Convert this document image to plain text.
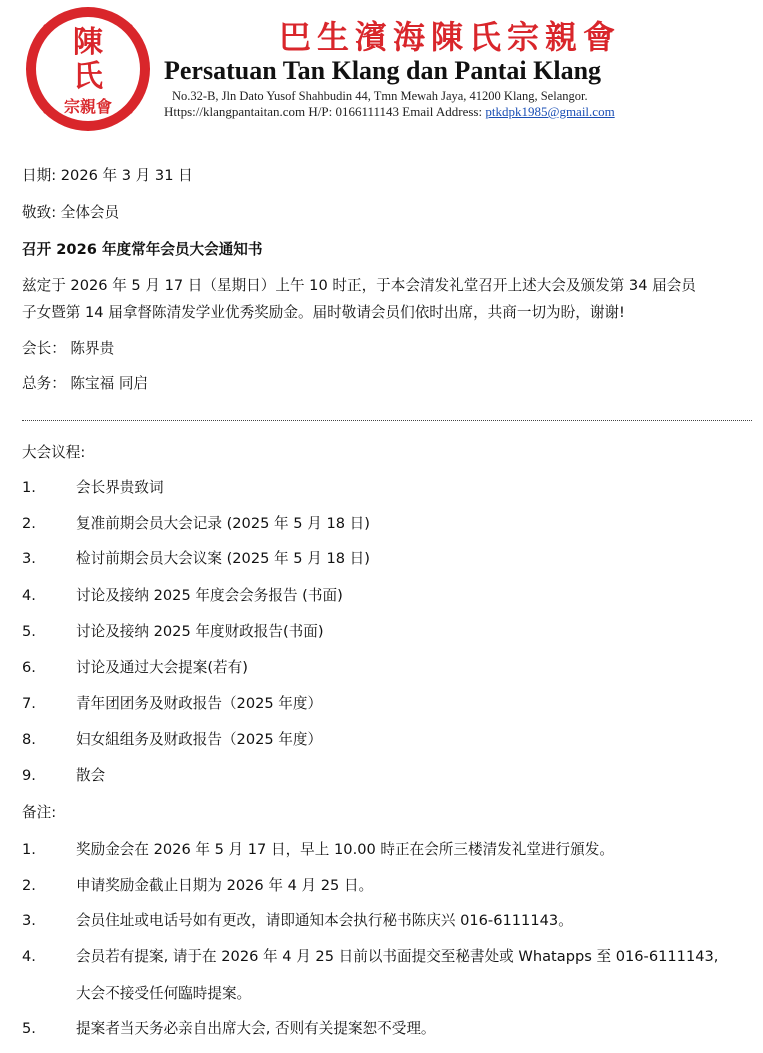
陳
氏
宗親會
巴生濱海陳氏宗親會
Persatuan Tan Klang dan Pantai Klang
No.32-B, Jln Dato Yusof Shahbudin 44, Tmn Mewah Jaya, 41200 Klang, Selangor.
Https://klangpantaitan.com H/P: 0166111143 Email Address: ptkdpk1985@gmail.com
日期: 2026 年 3 月 31 日
敬致: 全体会员
召开 2026 年度常年会员大会通知书
兹定于 2026 年 5 月 17 日（星期日）上午 10 时正，于本会清发礼堂召开上述大会及颁发第 34 届会员
子女暨第 14 届拿督陈清发学业优秀奖励金。届时敬请会员们依时出席，共商一切为盼，谢谢!
会长： 陈界贵
总务： 陈宝福 同启
大会议程:
1.	会长界贵致词
2.	复准前期会员大会记录 (2025 年 5 月 18 日)
3.	检讨前期会员大会议案 (2025 年 5 月 18 日)
4.	讨论及接纳 2025 年度会会务报告 (书面)
5.	讨论及接纳 2025 年度财政报告(书面)
6.	讨论及通过大会提案(若有)
7.	青年团团务及财政报告（2025 年度）
8.	妇女組组务及财政报告（2025 年度）
9.	散会
备注:
1.	奖励金会在 2026 年 5 月 17 日，早上 10.00 時正在会所三楼清发礼堂进行頒发。
2.	申请奖励金截止日期为 2026 年 4 月 25 日。
3.	会员住址或电话号如有更改，请即通知本会执行秘书陈庆兴 016-6111143。
4.	会员若有提案, 请于在 2026 年 4 月 25 日前以书面提交至秘書处或 Whatapps 至 016-6111143,
大会不接受任何臨時提案。
5.	提案者当天务必亲自出席大会, 否则有关提案恕不受理。
